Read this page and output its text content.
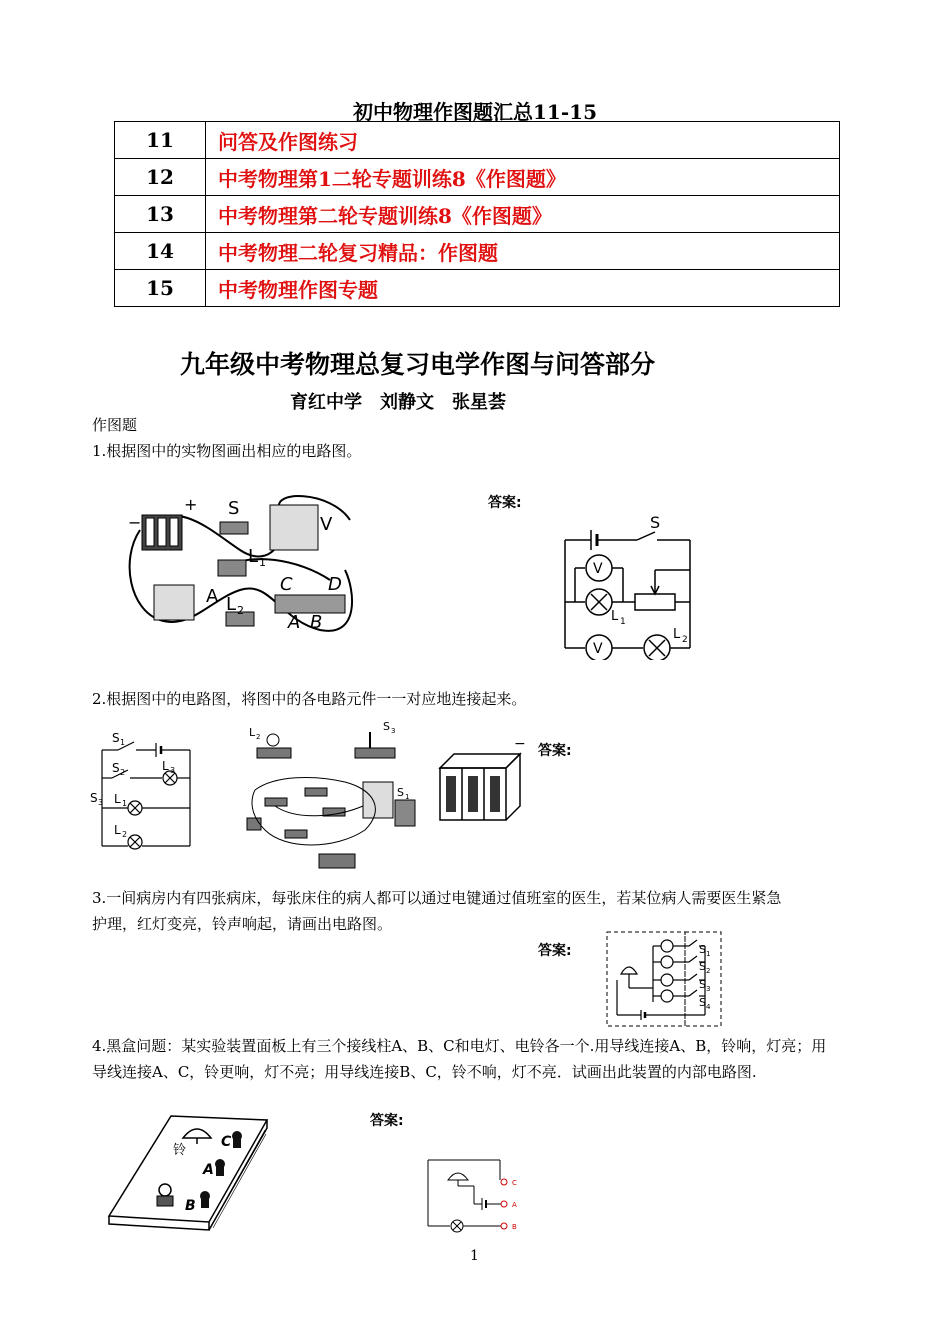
初中物理作图题汇总11-15
11	问答及作图练习
12	中考物理第1二轮专题训练8《作图题》
13	中考物理第二轮专题训练8《作图题》
14	中考物理二轮复习精品：作图题
15	中考物理作图专题
九年级中考物理总复习电学作图与问答部分
育红中学　刘静文　张星荟
作图题
1.根据图中的实物图画出相应的电路图。
+
−
S
V
L 1
A L 2
C D
A B
答案:
S
V
V
L 1
L 2
2.根据图中的电路图，将图中的各电路元件一一对应地连接起来。
S 1
S 2	L 3
S 3 L 1
L 2
L 2
S 3
S 1
− 答案:
3.一间病房内有四张病床，每张床住的病人都可以通过电键通过值班室的医生，若某位病人需要医生紧急
护理，红灯变亮，铃声响起，请画出电路图。
答案:	S 1
S 2
S 3
S 4
4.黑盒问题：某实验装置面板上有三个接线柱A、B、C和电灯、电铃各一个.用导线连接A、B，铃响，灯亮；用
导线连接A、C，铃更响，灯不亮；用导线连接B、C，铃不响，灯不亮．试画出此装置的内部电路图.
铃
C
A
B
答案:
C
A
B
1
